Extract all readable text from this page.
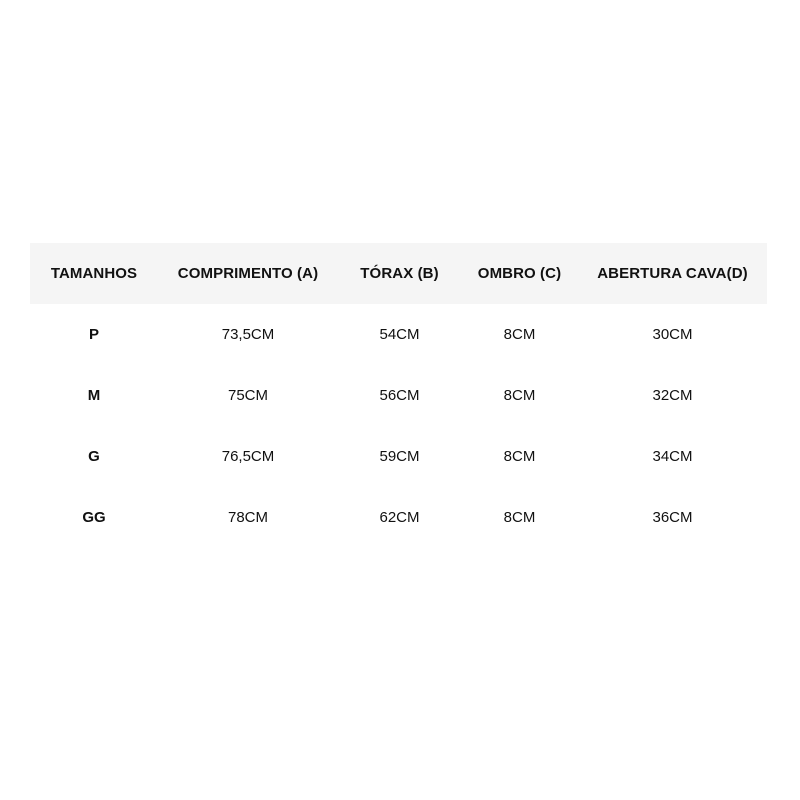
TAMANHOS	COMPRIMENTO (A)	TÓRAX (B)	OMBRO (C)	ABERTURA CAVA(D)
P	73,5CM	54CM	8CM	30CM
M	75CM	56CM	8CM	32CM
G	76,5CM	59CM	8CM	34CM
GG	78CM	62CM	8CM	36CM
